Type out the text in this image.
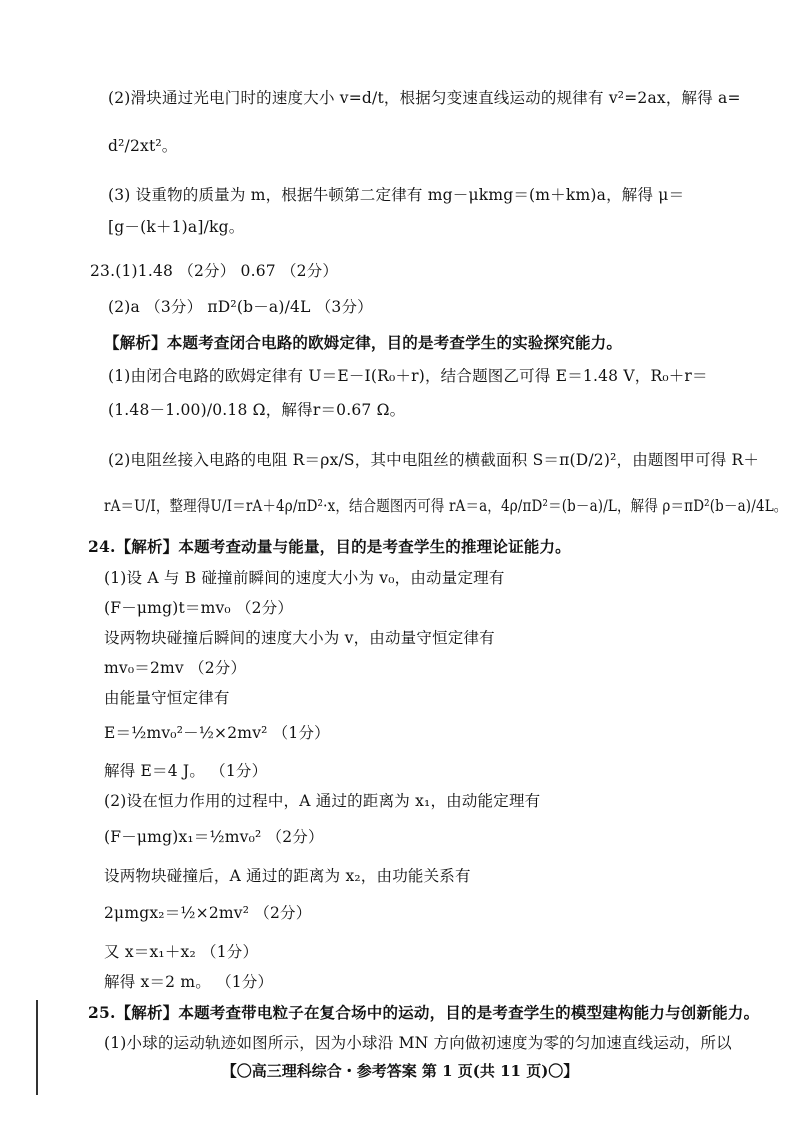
(2)滑块通过光电门时的速度大小 v=d/t，根据匀变速直线运动的规律有 v²=2ax，解得 a=
d²/2xt²。
(3) 设重物的质量为 m，根据牛顿第二定律有 mg－μkmg＝(m＋km)a，解得 μ＝
[g－(k＋1)a]/kg。
23.(1)1.48 （2分） 0.67 （2分）
(2)a （3分） πD²(b－a)/4L （3分）
【解析】本题考查闭合电路的欧姆定律，目的是考查学生的实验探究能力。
(1)由闭合电路的欧姆定律有 U＝E－I(R₀＋r)，结合题图乙可得 E＝1.48 V，R₀＋r＝
(1.48－1.00)/0.18 Ω，解得r＝0.67 Ω。
(2)电阻丝接入电路的电阻 R＝ρx/S，其中电阻丝的横截面积 S＝π(D/2)²，由题图甲可得 R＋
rA＝U/I，整理得U/I＝rA＋4ρ/πD²·x，结合题图丙可得 rA＝a，4ρ/πD²＝(b－a)/L，解得 ρ＝πD²(b－a)/4L。
24.【解析】本题考查动量与能量，目的是考查学生的推理论证能力。
(1)设 A 与 B 碰撞前瞬间的速度大小为 v₀，由动量定理有
(F－μmg)t＝mv₀ （2分）
设两物块碰撞后瞬间的速度大小为 v，由动量守恒定律有
mv₀＝2mv （2分）
由能量守恒定律有
E＝½mv₀²－½×2mv² （1分）
解得 E＝4 J。 （1分）
(2)设在恒力作用的过程中，A 通过的距离为 x₁，由动能定理有
(F－μmg)x₁＝½mv₀² （2分）
设两物块碰撞后，A 通过的距离为 x₂，由功能关系有
2μmgx₂＝½×2mv² （2分）
又 x＝x₁＋x₂ （1分）
解得 x＝2 m。 （1分）
25.【解析】本题考查带电粒子在复合场中的运动，目的是考查学生的模型建构能力与创新能力。
(1)小球的运动轨迹如图所示，因为小球沿 MN 方向做初速度为零的匀加速直线运动，所以
【〇高三理科综合・参考答案 第 1 页(共 11 页)〇】
